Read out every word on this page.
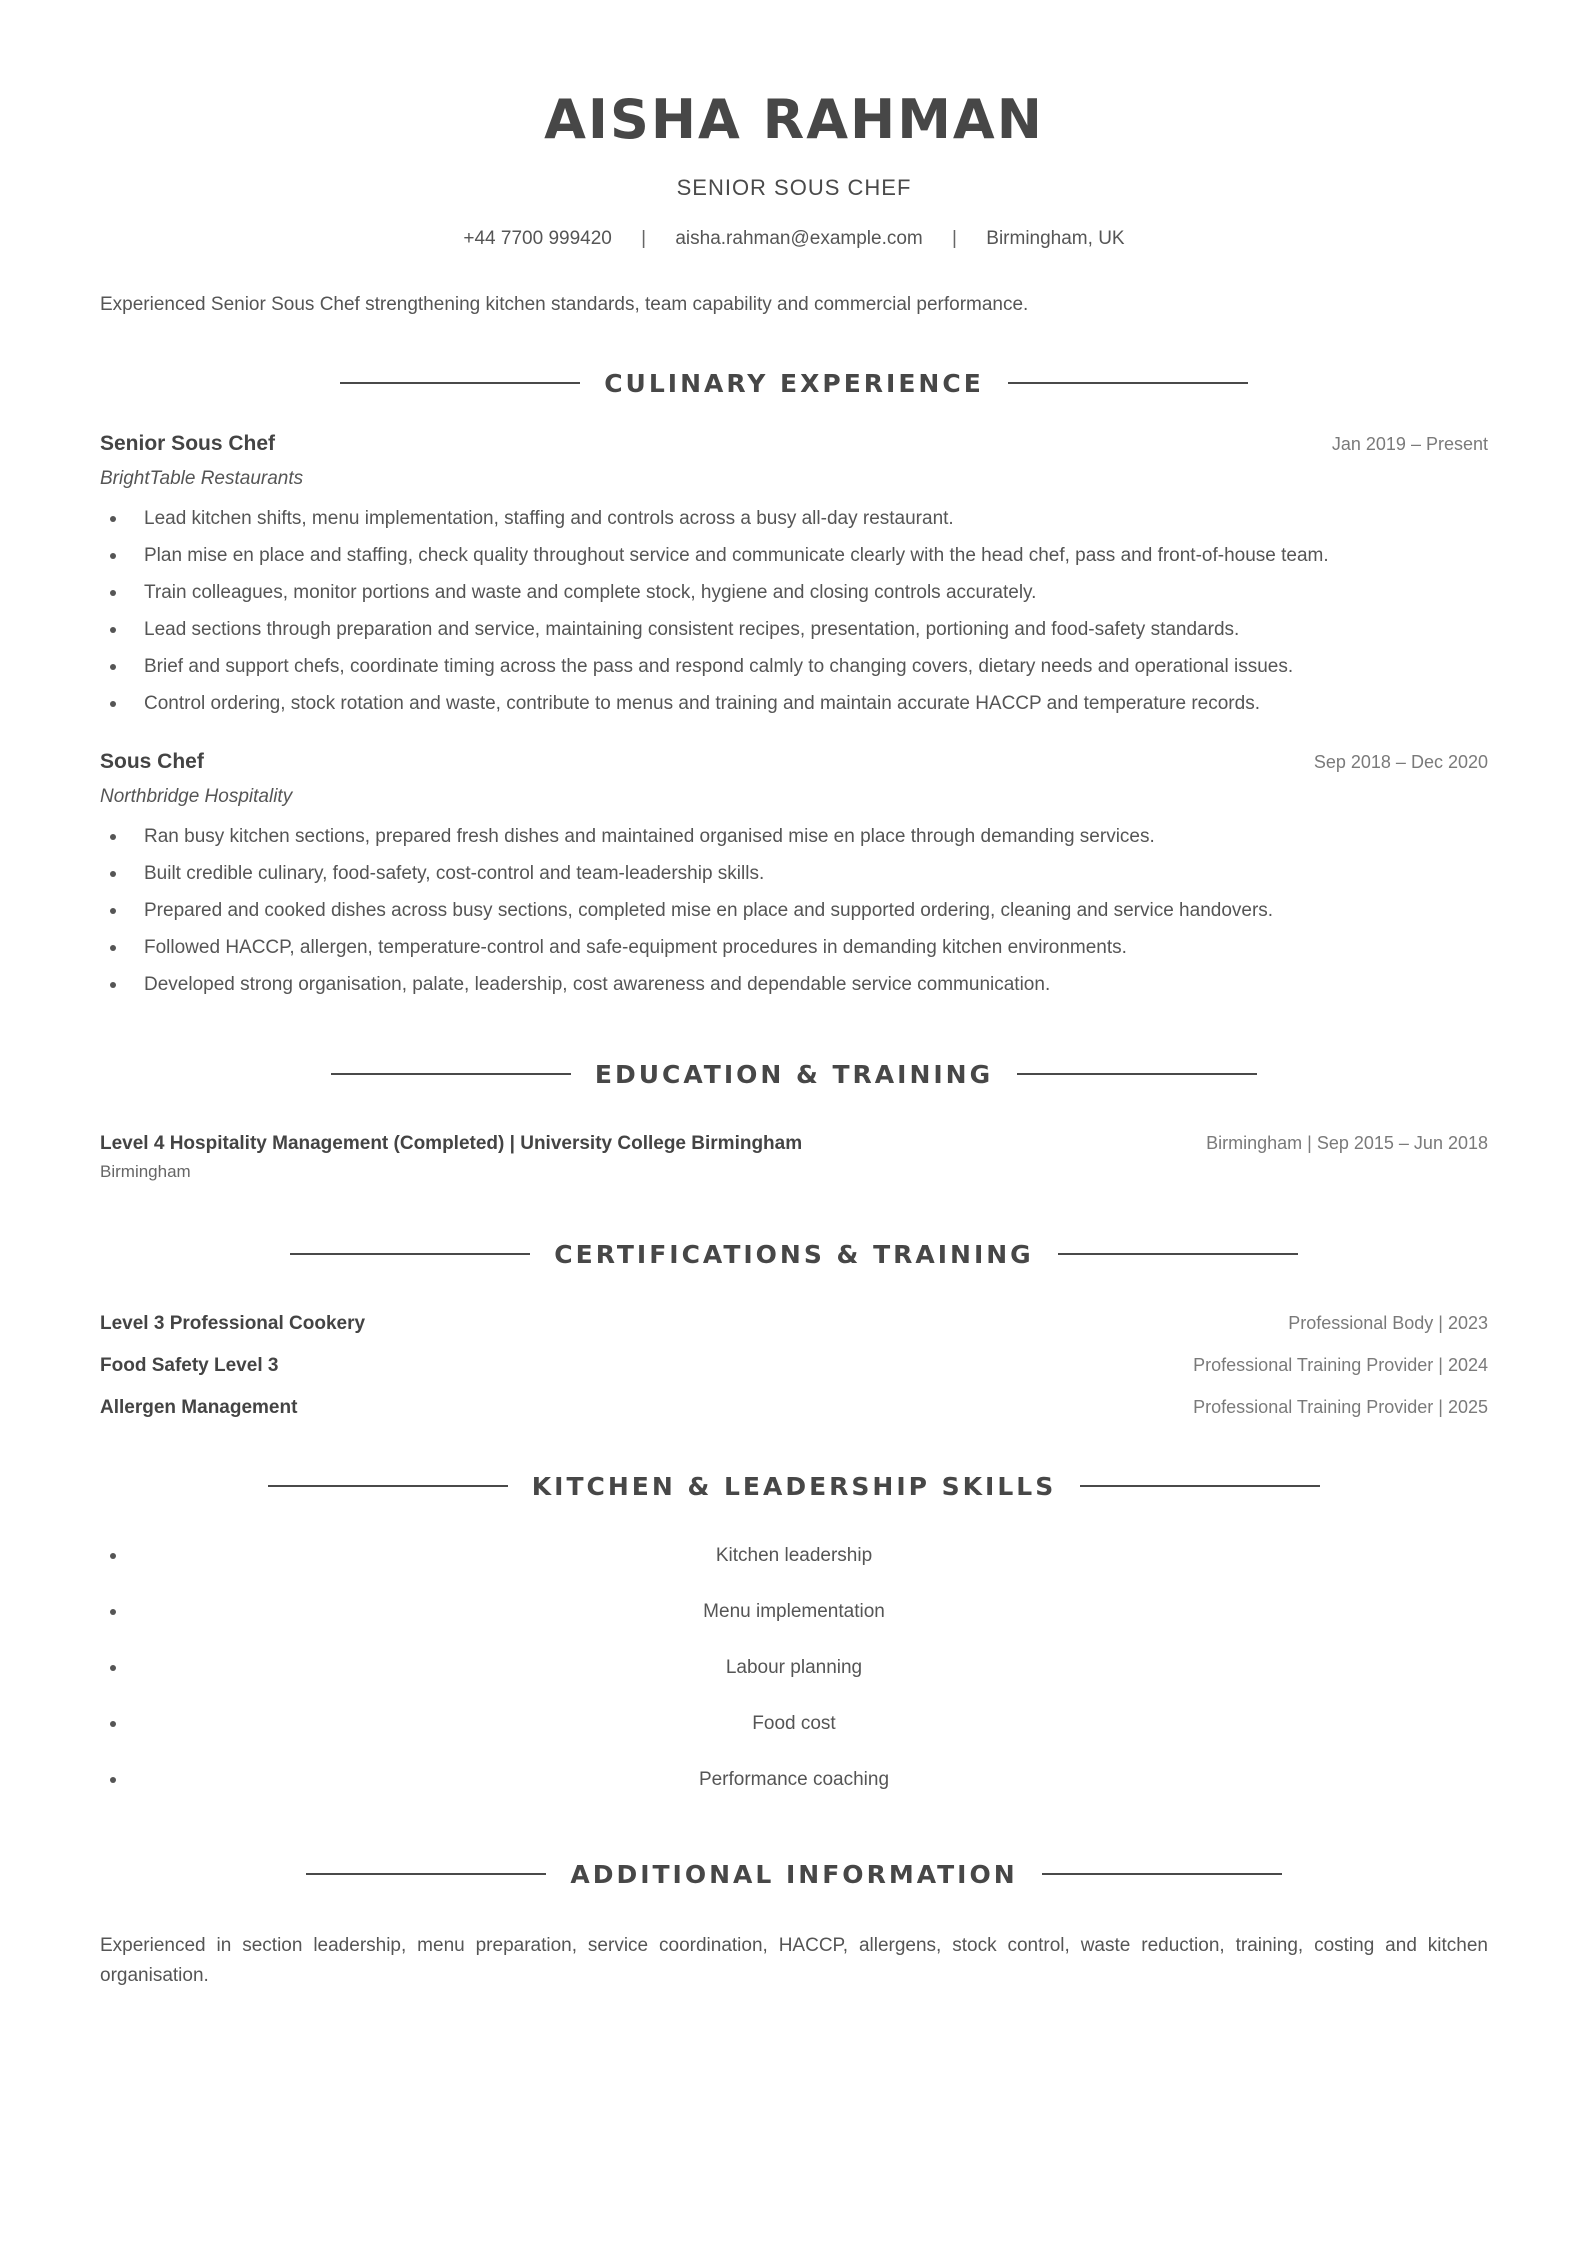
AISHA RAHMAN
SENIOR SOUS CHEF
+44 7700 999420 | aisha.rahman@example.com | Birmingham, UK
Experienced Senior Sous Chef strengthening kitchen standards, team capability and commercial performance.
CULINARY EXPERIENCE
Senior Sous Chef	Jan 2019 – Present
BrightTable Restaurants
Lead kitchen shifts, menu implementation, staffing and controls across a busy all-day restaurant.
Plan mise en place and staffing, check quality throughout service and communicate clearly with the head chef, pass and front-of-house team.
Train colleagues, monitor portions and waste and complete stock, hygiene and closing controls accurately.
Lead sections through preparation and service, maintaining consistent recipes, presentation, portioning and food-safety standards.
Brief and support chefs, coordinate timing across the pass and respond calmly to changing covers, dietary needs and operational issues.
Control ordering, stock rotation and waste, contribute to menus and training and maintain accurate HACCP and temperature records.
Sous Chef	Sep 2018 – Dec 2020
Northbridge Hospitality
Ran busy kitchen sections, prepared fresh dishes and maintained organised mise en place through demanding services.
Built credible culinary, food-safety, cost-control and team-leadership skills.
Prepared and cooked dishes across busy sections, completed mise en place and supported ordering, cleaning and service handovers.
Followed HACCP, allergen, temperature-control and safe-equipment procedures in demanding kitchen environments.
Developed strong organisation, palate, leadership, cost awareness and dependable service communication.
EDUCATION & TRAINING
Level 4 Hospitality Management (Completed) | University College Birmingham	Birmingham | Sep 2015 – Jun 2018
Birmingham
CERTIFICATIONS & TRAINING
Level 3 Professional Cookery	Professional Body | 2023
Food Safety Level 3	Professional Training Provider | 2024
Allergen Management	Professional Training Provider | 2025
KITCHEN & LEADERSHIP SKILLS
Kitchen leadership
Menu implementation
Labour planning
Food cost
Performance coaching
ADDITIONAL INFORMATION
Experienced in section leadership, menu preparation, service coordination, HACCP, allergens, stock control, waste reduction, training, costing and kitchen organisation.
